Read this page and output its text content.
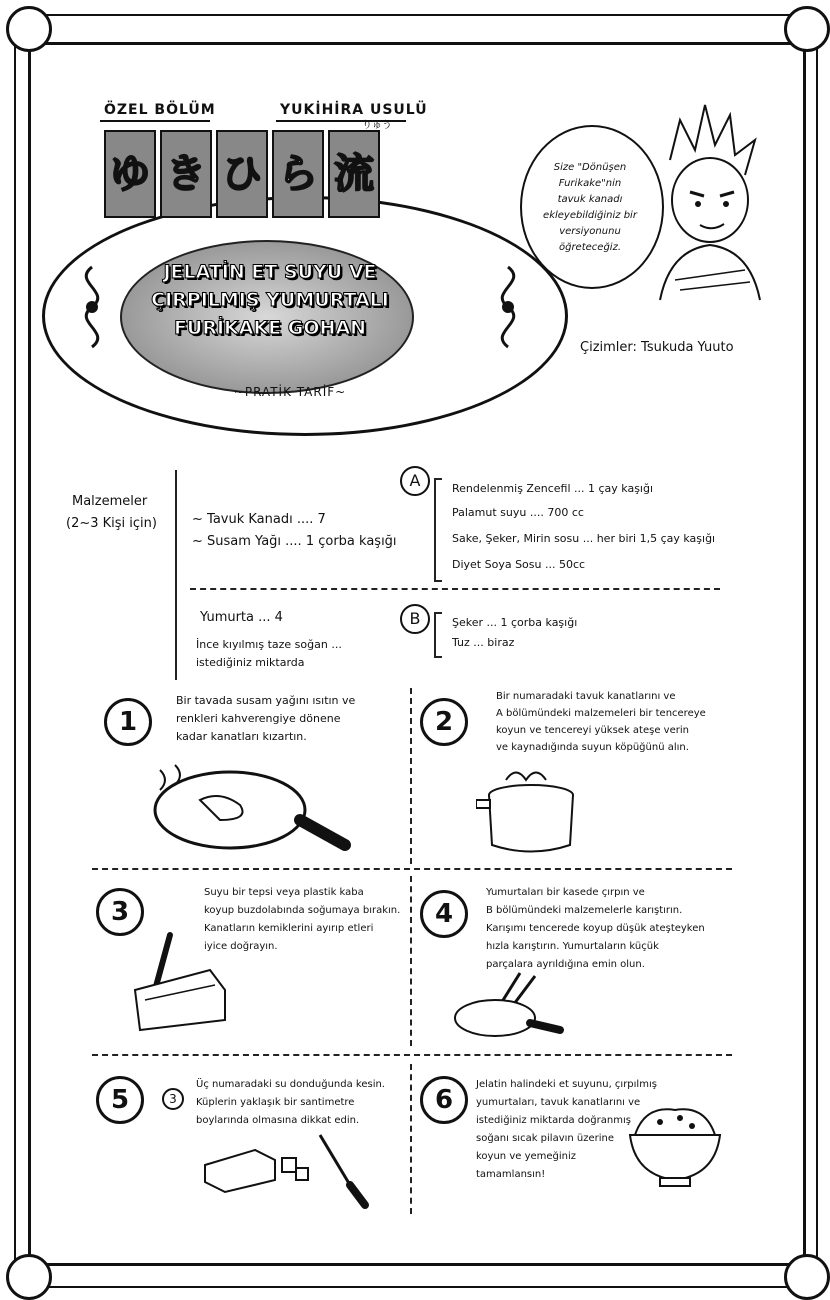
ÖZEL BÖLÜM	YUKİHİRA USULÜ
JELATİN ET SUYU VE
ÇIRPILMIŞ YUMURTALI
FURİKAKE GOHAN
~PRATİK TARİF~
ゆ き ひ ら 流
りゅう
Size "Dönüşen
Furikake"nin
tavuk kanadı
ekleyebildiğiniz bir
versiyonunu
öğreteceğiz.
Çizimler: Tsukuda Yuuto
Malzemeler
(2~3 Kişi için)	~ Tavuk Kanadı .... 7
~ Susam Yağı .... 1 çorba kaşığı
A	Rendelenmiş Zencefil ... 1 çay kaşığı
Palamut suyu .... 700 cc
Sake, Şeker, Mirin sosu ... her biri 1,5 çay kaşığı
Diyet Soya Sosu ... 50cc
Yumurta ... 4
İnce kıyılmış taze soğan ...
istediğiniz miktarda
B	Şeker ... 1 çorba kaşığı
Tuz ... biraz
1
Bir tavada susam yağını ısıtın ve
renkleri kahverengiye dönene
kadar kanatları kızartın.	2
Bir numaradaki tavuk kanatlarını ve
A bölümündeki malzemeleri bir tencereye
koyun ve tencereyi yüksek ateşe verin
ve kaynadığında suyun köpüğünü alın.
3
Suyu bir tepsi veya plastik kaba
koyup buzdolabında soğumaya bırakın.
Kanatların kemiklerini ayırıp etleri
iyice doğrayın.
4
Yumurtaları bir kasede çırpın ve
B bölümündeki malzemelerle karıştırın.
Karışımı tencerede koyup düşük ateşteyken
hızla karıştırın. Yumurtaların küçük
parçalara ayrıldığına emin olun.
5	3
Üç numaradaki su donduğunda kesin.
Küplerin yaklaşık bir santimetre
boylarında olmasına dikkat edin.
6
Jelatin halindeki et suyunu, çırpılmış
yumurtaları, tavuk kanatlarını ve
istediğiniz miktarda doğranmış
soğanı sıcak pilavın üzerine
koyun ve yemeğiniz
tamamlansın!
